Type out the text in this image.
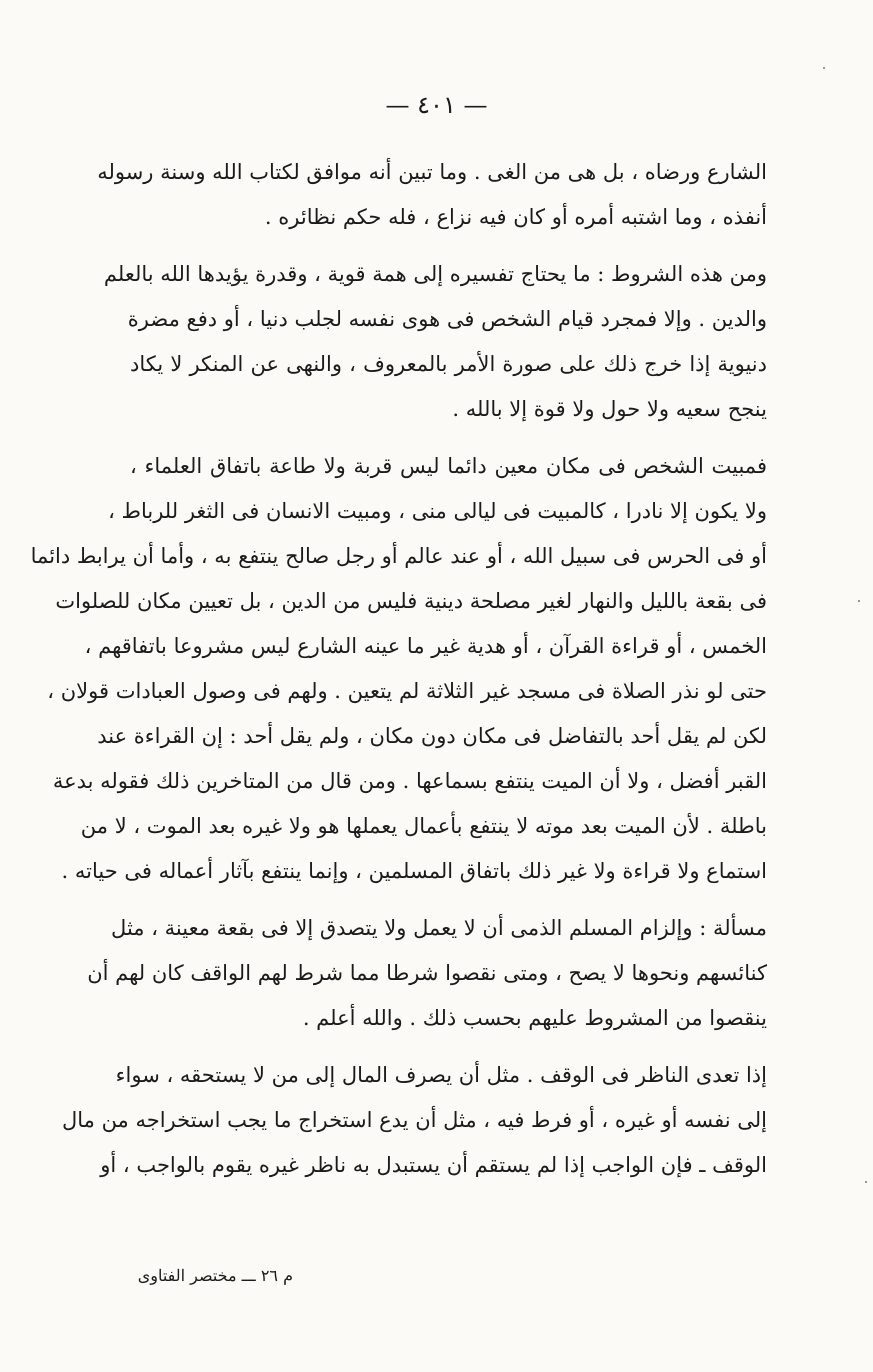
— ٤٠١ —
الشارع ورضاه ، بل هى من الغى . وما تبين أنه موافق لكتاب الله وسنة رسوله
أنفذه ، وما اشتبه أمره أو كان فيه نزاع ، فله حكم نظائره .
ومن هذه الشروط : ما يحتاج تفسيره إلى همة قوية ، وقدرة يؤيدها الله بالعلم
والدين . وإلا فمجرد قيام الشخص فى هوى نفسه لجلب دنيا ، أو دفع مضرة
دنيوية إذا خرج ذلك على صورة الأمر بالمعروف ، والنهى عن المنكر لا يكاد
ينجح سعيه ولا حول ولا قوة إلا بالله .
فمبيت الشخص فى مكان معين دائما ليس قربة ولا طاعة باتفاق العلماء ،
ولا يكون إلا نادرا ، كالمبيت فى ليالى منى ، ومبيت الانسان فى الثغر للرباط ،
أو فى الحرس فى سبيل الله ، أو عند عالم أو رجل صالح ينتفع به ، وأما أن يرابط دائما
فى بقعة بالليل والنهار لغير مصلحة دينية فليس من الدين ، بل تعيين مكان للصلوات
الخمس ، أو قراءة القرآن ، أو هدية غير ما عينه الشارع ليس مشروعا باتفاقهم ،
حتى لو نذر الصلاة فى مسجد غير الثلاثة لم يتعين . ولهم فى وصول العبادات قولان ،
لكن لم يقل أحد بالتفاضل فى مكان دون مكان ، ولم يقل أحد : إن القراءة عند
القبر أفضل ، ولا أن الميت ينتفع بسماعها . ومن قال من المتاخرين ذلك فقوله بدعة
باطلة . لأن الميت بعد موته لا ينتفع بأعمال يعملها هو ولا غيره بعد الموت ، لا من
استماع ولا قراءة ولا غير ذلك باتفاق المسلمين ، وإنما ينتفع بآثار أعماله فى حياته .
مسألة : وإلزام المسلم الذمى أن لا يعمل ولا يتصدق إلا فى بقعة معينة ، مثل
كنائسهم ونحوها لا يصح ، ومتى نقصوا شرطا مما شرط لهم الواقف كان لهم أن
ينقصوا من المشروط عليهم بحسب ذلك . والله أعلم .
إذا تعدى الناظر فى الوقف . مثل أن يصرف المال إلى من لا يستحقه ، سواء
إلى نفسه أو غيره ، أو فرط فيه ، مثل أن يدع استخراج ما يجب استخراجه من مال
الوقف ـ فإن الواجب إذا لم يستقم أن يستبدل به ناظر غيره يقوم بالواجب ، أو
م ٢٦ ـــ مختصر الفتاوى
